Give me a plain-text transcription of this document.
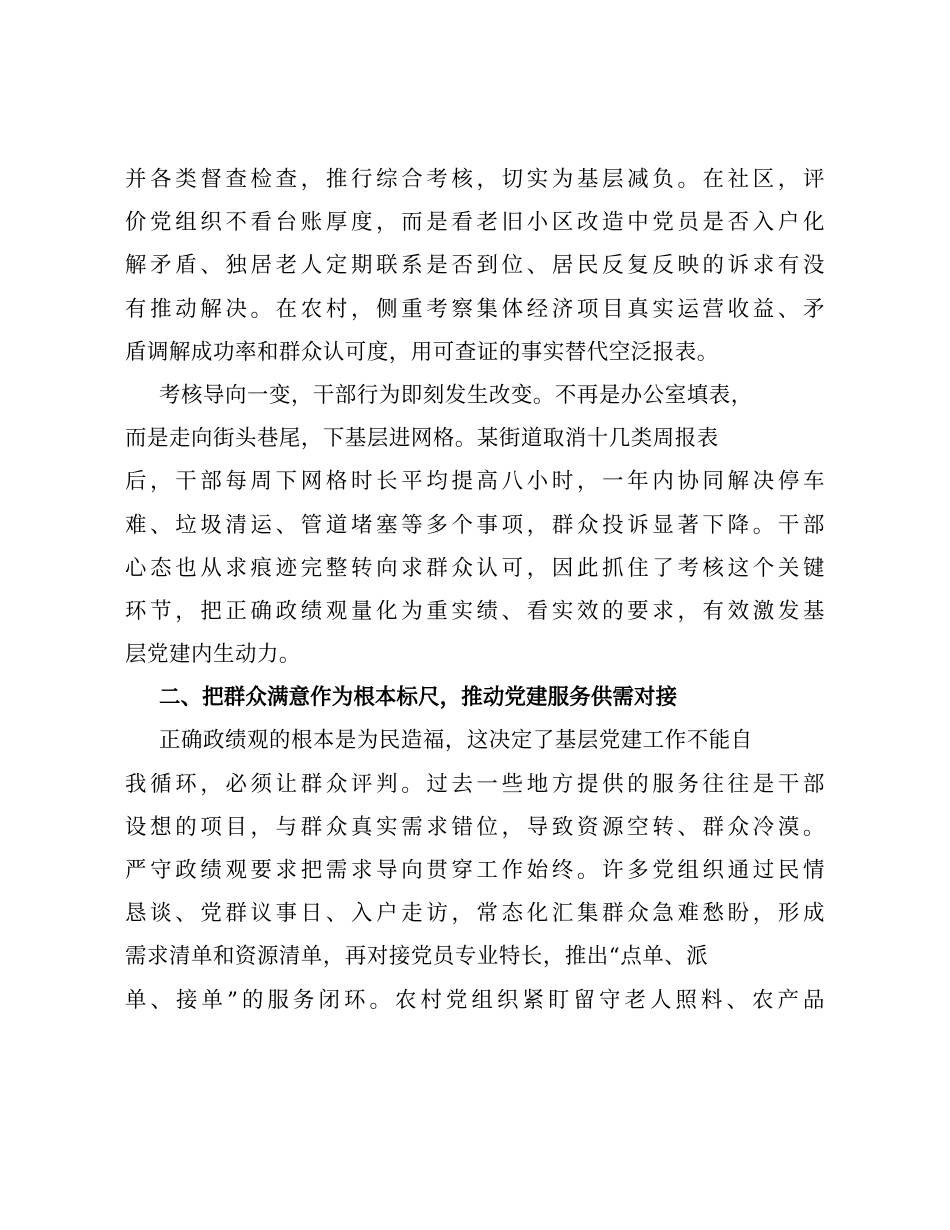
并各类督查检查，推行综合考核，切实为基层减负。在社区，评
价党组织不看台账厚度，而是看老旧小区改造中党员是否入户化
解矛盾、独居老人定期联系是否到位、居民反复反映的诉求有没
有推动解决。在农村，侧重考察集体经济项目真实运营收益、矛
盾调解成功率和群众认可度，用可查证的事实替代空泛报表。
考核导向一变，干部行为即刻发生改变。不再是办公室填表，
而是走向街头巷尾，下基层进网格。某街道取消十几类周报表
后，干部每周下网格时长平均提高八小时，一年内协同解决停车
难、垃圾清运、管道堵塞等多个事项，群众投诉显著下降。干部
心态也从求痕迹完整转向求群众认可，因此抓住了考核这个关键
环节，把正确政绩观量化为重实绩、看实效的要求，有效激发基
层党建内生动力。
二、把群众满意作为根本标尺，推动党建服务供需对接
正确政绩观的根本是为民造福，这决定了基层党建工作不能自
我循环，必须让群众评判。过去一些地方提供的服务往往是干部
设想的项目，与群众真实需求错位，导致资源空转、群众冷漠。
严守政绩观要求把需求导向贯穿工作始终。许多党组织通过民情
恳谈、党群议事日、入户走访，常态化汇集群众急难愁盼，形成
需求清单和资源清单，再对接党员专业特长，推出“点单、派
单、接单”的服务闭环。农村党组织紧盯留守老人照料、农产品
